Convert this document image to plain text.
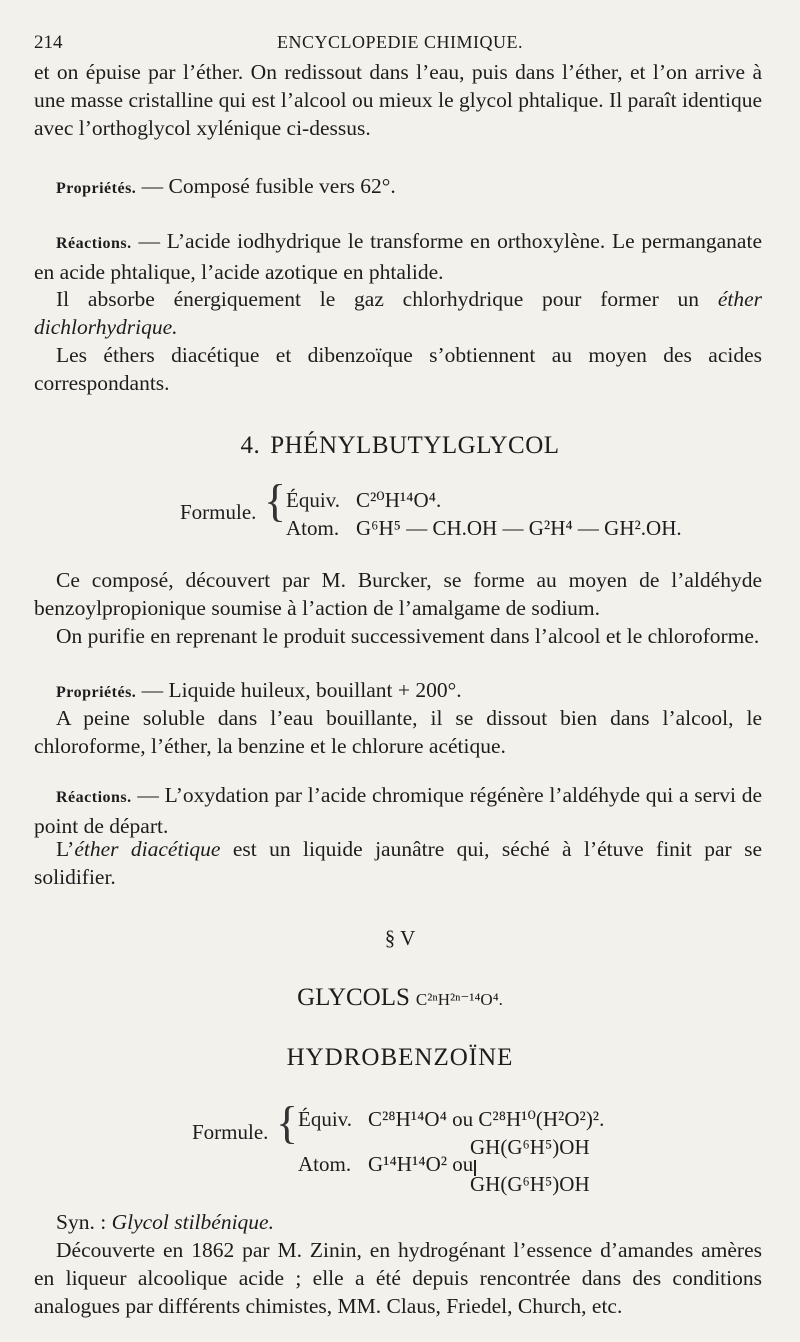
214	ENCYCLOPEDIE CHIMIQUE.

et on épuise par l’éther. On redissout dans l’eau, puis dans l’éther, et l’on arrive à une masse cristalline qui est l’alcool ou mieux le glycol phtalique. Il paraît identique avec l’orthoglycol xylénique ci-dessus.

Propriétés. — Composé fusible vers 62°.

Réactions. — L’acide iodhydrique le transforme en orthoxylène. Le permanganate en acide phtalique, l’acide azotique en phtalide.

Il absorbe énergiquement le gaz chlorhydrique pour former un éther dichlorhydrique.

Les éthers diacétique et dibenzoïque s’obtiennent au moyen des acides correspondants.

4. PHÉNYLBUTYLGLYCOL
Formule. { Équiv. C²⁰H¹⁴O⁴.
Atom. G⁶H⁵ — CH.OH — G²H⁴ — GH².OH.

Ce composé, découvert par M. Burcker, se forme au moyen de l’aldéhyde benzoylpropionique soumise à l’action de l’amalgame de sodium.

On purifie en reprenant le produit successivement dans l’alcool et le chloroforme.

Propriétés. — Liquide huileux, bouillant + 200°.

A peine soluble dans l’eau bouillante, il se dissout bien dans l’alcool, le chloroforme, l’éther, la benzine et le chlorure acétique.

Réactions. — L’oxydation par l’acide chromique régénère l’aldéhyde qui a servi de point de départ.

L’éther diacétique est un liquide jaunâtre qui, séché à l’étuve finit par se solidifier.

§ V
GLYCOLS C²ⁿH²ⁿ⁻¹⁴O⁴.
HYDROBENZOÏNE
Formule. { Équiv. C²⁸H¹⁴O⁴ ou C²⁸H¹⁰(H²O²)².
GH(G⁶H⁵)OH
Atom. G¹⁴H¹⁴O² ou
GH(G⁶H⁵)OH

Syn. : Glycol stilbénique.

Découverte en 1862 par M. Zinin, en hydrogénant l’essence d’amandes amères en liqueur alcoolique acide ; elle a été depuis rencontrée dans des conditions analogues par différents chimistes, MM. Claus, Friedel, Church, etc.
